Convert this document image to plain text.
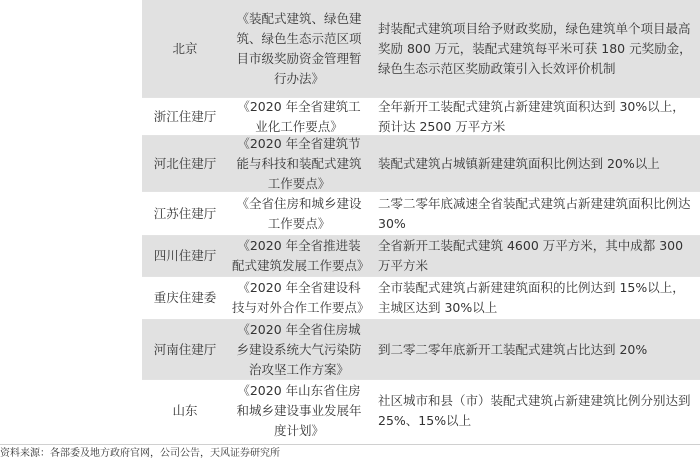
北京
《装配式建筑、绿色建筑、绿色生态示范区项目市级奖励资金管理暂行办法》
封装配式建筑项目给予财政奖励，绿色建筑单个项目最高奖励 800 万元，装配式建筑每平米可获 180 元奖励金，绿色生态示范区奖励政策引入长效评价机制
浙江住建厅
《2020 年全省建筑工业化工作要点》
全年新开工装配式建筑占新建建筑面积达到 30%以上，预计达 2500 万平方米
河北住建厅
《2020 年全省建筑节能与科技和装配式建筑工作要点》
装配式建筑占城镇新建建筑面积比例达到 20%以上
江苏住建厅
《全省住房和城乡建设工作要点》
二零二零年底减速全省装配式建筑占新建建筑面积比例达 30%
四川住建厅
《2020 年全省推进装配式建筑发展工作要点》
全省新开工装配式建筑 4600 万平方米，其中成都 300 万平方米
重庆住建委
《2020 年全省建设科技与对外合作工作要点》
全市装配式建筑占新建建筑面积的比例达到 15%以上，主城区达到 30%以上
河南住建厅
《2020 年全省住房城乡建设系统大气污染防治攻坚工作方案》
到二零二零年底新开工装配式建筑占比达到 20%
山东
《2020 年山东省住房和城乡建设事业发展年度计划》
社区城市和县（市）装配式建筑占新建建筑比例分别达到 25%、15%以上
资料来源：各部委及地方政府官网，公司公告，天风证券研究所
